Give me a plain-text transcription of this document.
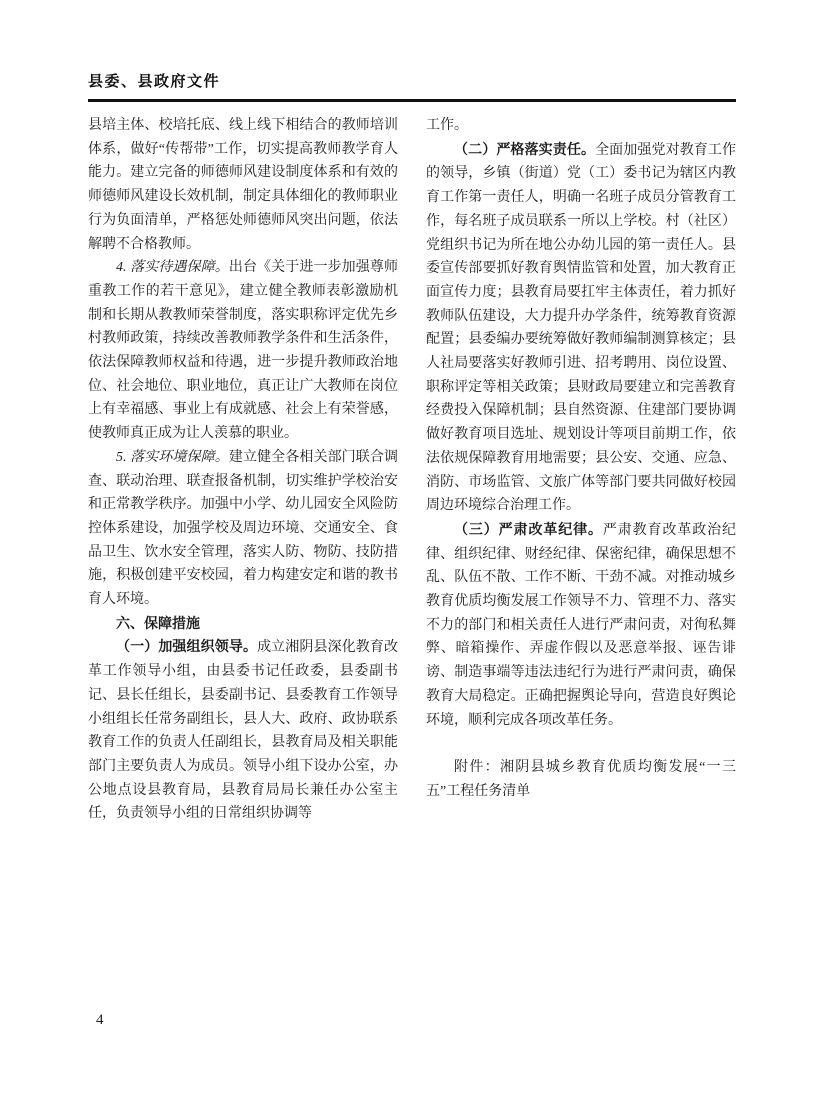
县委、县政府文件

县培主体、校培托底、线上线下相结合的教师培训体系，做好“传帮带”工作，切实提高教师教学育人能力。建立完备的师德师风建设制度体系和有效的师德师风建设长效机制，制定具体细化的教师职业行为负面清单，严格惩处师德师风突出问题，依法解聘不合格教师。

4. 落实待遇保障。出台《关于进一步加强尊师重教工作的若干意见》，建立健全教师表彰激励机制和长期从教教师荣誉制度，落实职称评定优先乡村教师政策，持续改善教师教学条件和生活条件，依法保障教师权益和待遇，进一步提升教师政治地位、社会地位、职业地位，真正让广大教师在岗位上有幸福感、事业上有成就感、社会上有荣誉感，使教师真正成为让人羡慕的职业。

5. 落实环境保障。建立健全各相关部门联合调查、联动治理、联查报备机制，切实维护学校治安和正常教学秩序。加强中小学、幼儿园安全风险防控体系建设，加强学校及周边环境、交通安全、食品卫生、饮水安全管理，落实人防、物防、技防措施，积极创建平安校园，着力构建安定和谐的教书育人环境。

六、保障措施

（一）加强组织领导。成立湘阴县深化教育改革工作领导小组，由县委书记任政委，县委副书记、县长任组长，县委副书记、县委教育工作领导小组组长任常务副组长，县人大、政府、政协联系教育工作的负责人任副组长，县教育局及相关职能部门主要负责人为成员。领导小组下设办公室，办公地点设县教育局，县教育局局长兼任办公室主任，负责领导小组的日常组织协调等

工作。

（二）严格落实责任。全面加强党对教育工作的领导，乡镇（街道）党（工）委书记为辖区内教育工作第一责任人，明确一名班子成员分管教育工作，每名班子成员联系一所以上学校。村（社区）党组织书记为所在地公办幼儿园的第一责任人。县委宣传部要抓好教育舆情监管和处置，加大教育正面宣传力度；县教育局要扛牢主体责任，着力抓好教师队伍建设，大力提升办学条件，统筹教育资源配置；县委编办要统筹做好教师编制测算核定；县人社局要落实好教师引进、招考聘用、岗位设置、职称评定等相关政策；县财政局要建立和完善教育经费投入保障机制；县自然资源、住建部门要协调做好教育项目选址、规划设计等项目前期工作，依法依规保障教育用地需要；县公安、交通、应急、消防、市场监管、文旅广体等部门要共同做好校园周边环境综合治理工作。

（三）严肃改革纪律。严肃教育改革政治纪律、组织纪律、财经纪律、保密纪律，确保思想不乱、队伍不散、工作不断、干劲不减。对推动城乡教育优质均衡发展工作领导不力、管理不力、落实不力的部门和相关责任人进行严肃问责，对徇私舞弊、暗箱操作、弄虚作假以及恶意举报、诬告诽谤、制造事端等违法违纪行为进行严肃问责，确保教育大局稳定。正确把握舆论导向，营造良好舆论环境，顺利完成各项改革任务。

附件：湘阴县城乡教育优质均衡发展“一三五”工程任务清单

4
